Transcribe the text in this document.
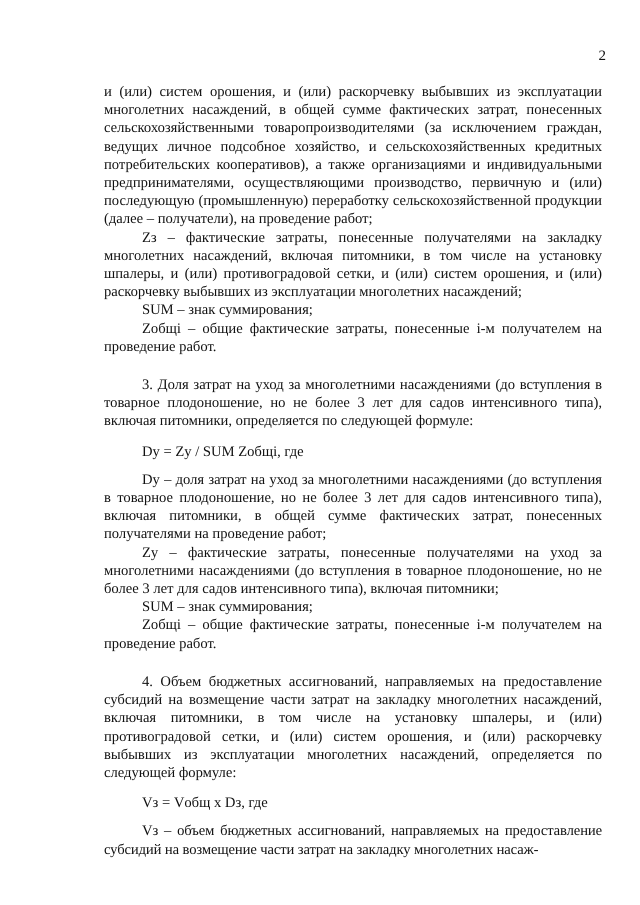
2

и (или) систем орошения, и (или) раскорчевку выбывших из эксплуатации многолетних насаждений, в общей сумме фактических затрат, понесенных сельскохозяйственными товаропроизводителями (за исключением граждан, ведущих личное подсобное хозяйство, и сельскохозяйственных кредитных потребительских кооперативов), а также организациями и индивидуальными предпринимателями, осуществляющими производство, первичную и (или) последующую (промышленную) переработку сельскохозяйственной продукции (далее – получатели), на проведение работ;

Zз – фактические затраты, понесенные получателями на закладку многолетних насаждений, включая питомники, в том числе на установку шпалеры, и (или) противоградовой сетки, и (или) систем орошения, и (или) раскорчевку выбывших из эксплуатации многолетних насаждений;

SUM – знак суммирования;

Zобщi – общие фактические затраты, понесенные i-м получателем на проведение работ.

3. Доля затрат на уход за многолетними насаждениями (до вступления в товарное плодоношение, но не более 3 лет для садов интенсивного типа), включая питомники, определяется по следующей формуле:

Dу = Zу / SUM Zобщi, где

Dу – доля затрат на уход за многолетними насаждениями (до вступления в товарное плодоношение, но не более 3 лет для садов интенсивного типа), включая питомники, в общей сумме фактических затрат, понесенных получателями на проведение работ;

Zу – фактические затраты, понесенные получателями на уход за многолетними насаждениями (до вступления в товарное плодоношение, но не более 3 лет для садов интенсивного типа), включая питомники;

SUM – знак суммирования;

Zобщi – общие фактические затраты, понесенные i-м получателем на проведение работ.

4. Объем бюджетных ассигнований, направляемых на предоставление субсидий на возмещение части затрат на закладку многолетних насаждений, включая питомники, в том числе на установку шпалеры, и (или) противоградовой сетки, и (или) систем орошения, и (или) раскорчевку выбывших из эксплуатации многолетних насаждений, определяется по следующей формуле:

Vз = Vобщ x Dз, где

Vз – объем бюджетных ассигнований, направляемых на предоставление субсидий на возмещение части затрат на закладку многолетних насаж-
